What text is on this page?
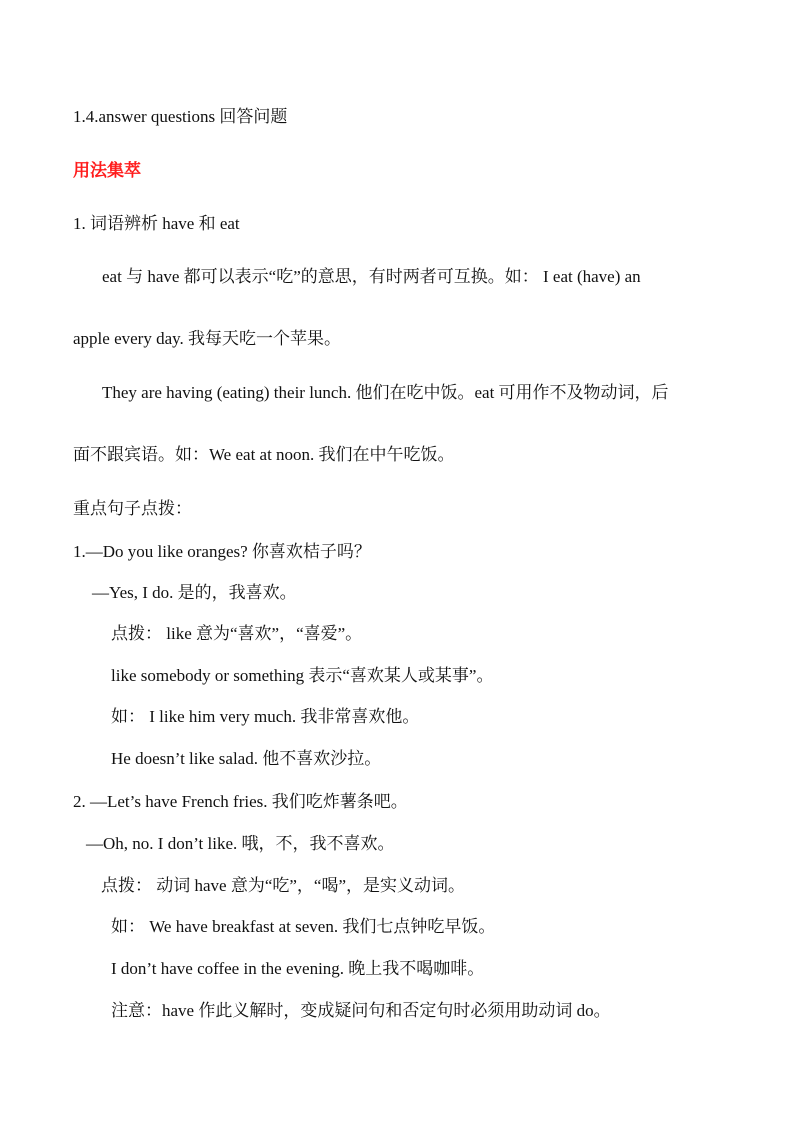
1.4.answer questions 回答问题
用法集萃
1. 词语辨析 have 和 eat
eat 与 have 都可以表示“吃”的意思，有时两者可互换。如： I eat (have) an
apple every day. 我每天吃一个苹果。
They are having (eating) their lunch. 他们在吃中饭。eat 可用作不及物动词，后
面不跟宾语。如：We eat at noon. 我们在中午吃饭。
重点句子点拨：
1.—Do you like oranges? 你喜欢桔子吗？
—Yes, I do. 是的，我喜欢。
点拨： like 意为“喜欢”，“喜爱”。
like somebody or something 表示“喜欢某人或某事”。
如： I like him very much. 我非常喜欢他。
He doesn’t like salad. 他不喜欢沙拉。
2. —Let’s have French fries. 我们吃炸薯条吧。
—Oh, no. I don’t like. 哦，不，我不喜欢。
点拨： 动词 have 意为“吃”，“喝”，是实义动词。
如： We have breakfast at seven. 我们七点钟吃早饭。
I don’t have coffee in the evening. 晚上我不喝咖啡。
注意：have 作此义解时，变成疑问句和否定句时必须用助动词 do。
